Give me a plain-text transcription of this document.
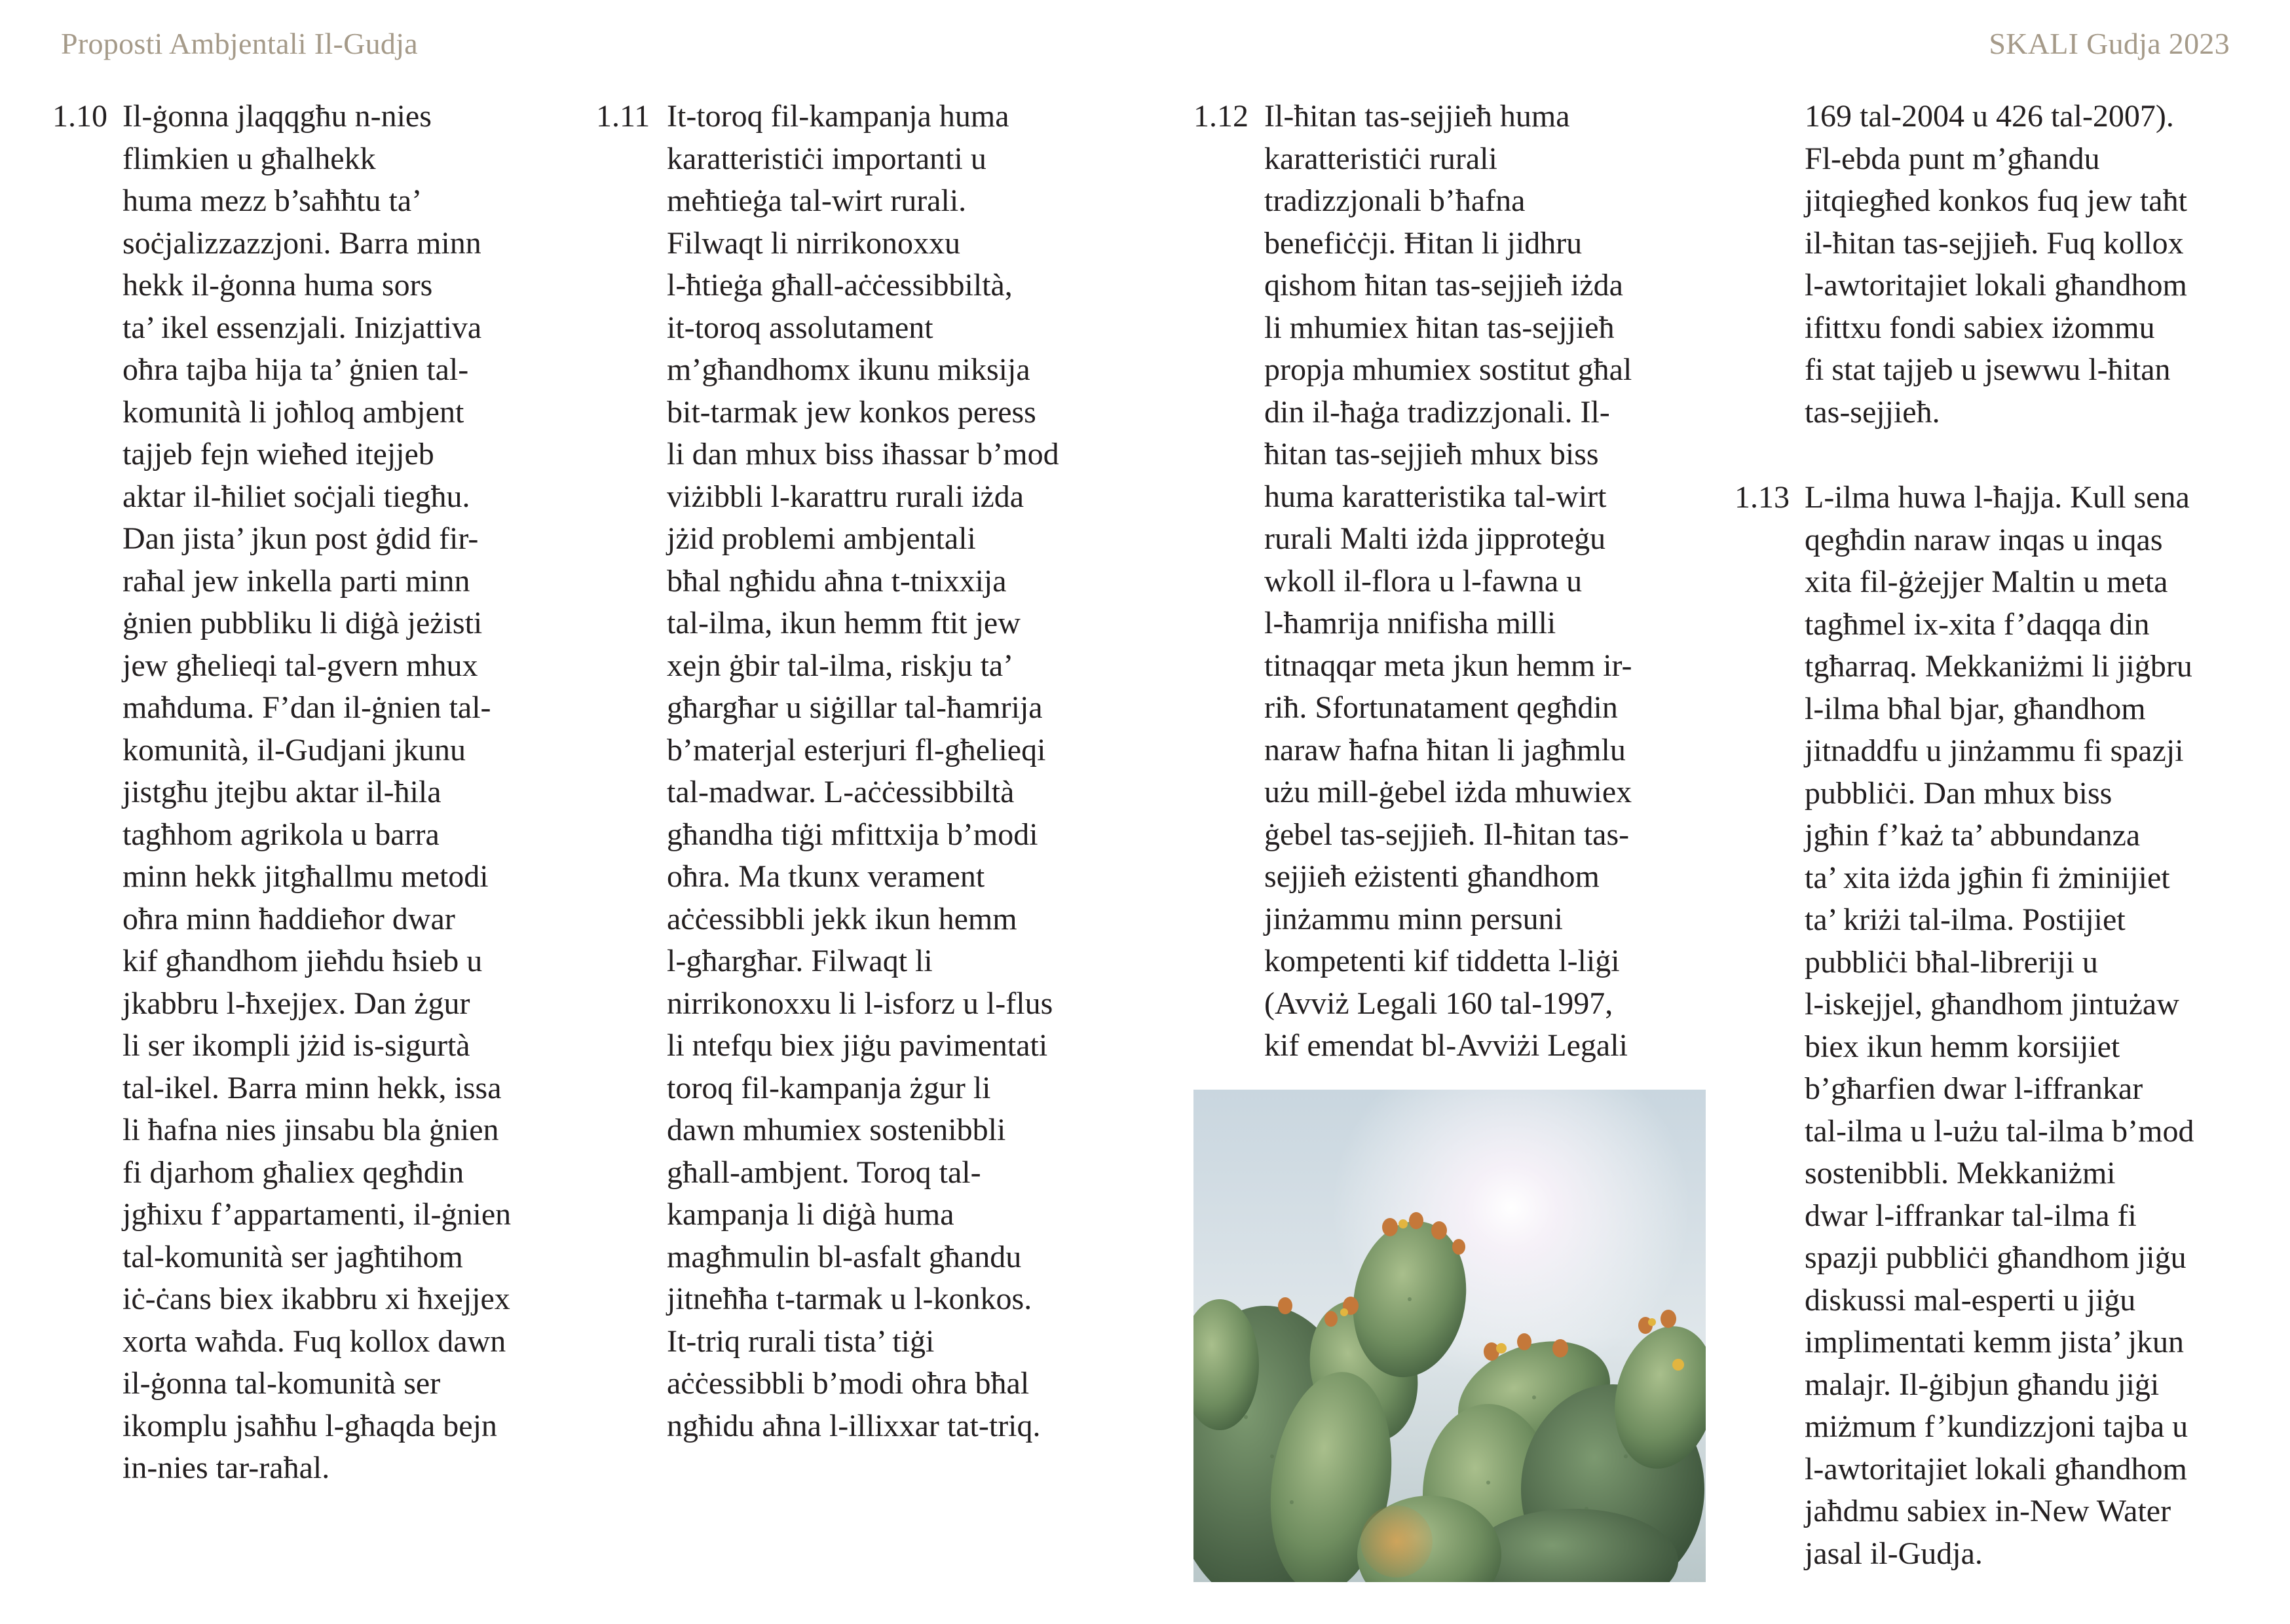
Proposti Ambjentali Il-Gudja	SKALI Gudja 2023
1.10 Il-ġonna jlaqqgħu n-nies
flimkien u għalhekk
huma mezz b’saħħtu ta’
soċjalizzazzjoni. Barra minn
hekk il-ġonna huma sors
ta’ ikel essenzjali. Inizjattiva
oħra tajba hija ta’ ġnien tal-
komunità li joħloq ambjent
tajjeb fejn wieħed itejjeb
aktar il-ħiliet soċjali tiegħu.
Dan jista’ jkun post ġdid fir-
raħal jew inkella parti minn
ġnien pubbliku li diġà jeżisti
jew għelieqi tal-gvern mhux
maħduma. F’dan il-ġnien tal-
komunità, il-Gudjani jkunu
jistgħu jtejbu aktar il-ħila
tagħhom agrikola u barra
minn hekk jitgħallmu metodi
oħra minn ħaddieħor dwar
kif għandhom jieħdu ħsieb u
jkabbru l-ħxejjex. Dan żgur
li ser ikompli jżid is-sigurtà
tal-ikel. Barra minn hekk, issa
li ħafna nies jinsabu bla ġnien
fi djarhom għaliex qegħdin
jgħixu f’appartamenti, il-ġnien
tal-komunità ser jagħtihom
iċ-ċans biex ikabbru xi ħxejjex
xorta waħda. Fuq kollox dawn
il-ġonna tal-komunità ser
ikomplu jsaħħu l-għaqda bejn
in-nies tar-raħal.

1.11 It-toroq fil-kampanja huma
karatteristiċi importanti u
meħtieġa tal-wirt rurali.
Filwaqt li nirrikonoxxu
l-ħtieġa għall-aċċessibbiltà,
it-toroq assolutament
m’għandhomx ikunu miksija
bit-tarmak jew konkos peress
li dan mhux biss iħassar b’mod
viżibbli l-karattru rurali iżda
jżid problemi ambjentali
bħal ngħidu aħna t-tnixxija
tal-ilma, ikun hemm ftit jew
xejn ġbir tal-ilma, riskju ta’
għargħar u siġillar tal-ħamrija
b’materjal esterjuri fl-għelieqi
tal-madwar. L-aċċessibbiltà
għandha tiġi mfittxija b’modi
oħra. Ma tkunx verament
aċċessibbli jekk ikun hemm
l-għargħar. Filwaqt li
nirrikonoxxu li l-isforz u l-flus
li ntefqu biex jiġu pavimentati
toroq fil-kampanja żgur li
dawn mhumiex sostenibbli
għall-ambjent. Toroq tal-
kampanja li diġà huma
magħmulin bl-asfalt għandu
jitneħħa t-tarmak u l-konkos.
It-triq rurali tista’ tiġi
aċċessibbli b’modi oħra bħal
ngħidu aħna l-illixxar tat-triq.

1.12 Il-ħitan tas-sejjieħ huma
karatteristiċi rurali
tradizzjonali b’ħafna
benefiċċji. Ħitan li jidhru
qishom ħitan tas-sejjieħ iżda
li mhumiex ħitan tas-sejjieħ
propja mhumiex sostitut għal
din il-ħaġa tradizzjonali. Il-
ħitan tas-sejjieħ mhux biss
huma karatteristika tal-wirt
rurali Malti iżda jipproteġu
wkoll il-flora u l-fawna u
l-ħamrija nnifisha milli
titnaqqar meta jkun hemm ir-
riħ. Sfortunatament qegħdin
naraw ħafna ħitan li jagħmlu
użu mill-ġebel iżda mhuwiex
ġebel tas-sejjieħ. Il-ħitan tas-
sejjieħ eżistenti għandhom
jinżammu minn persuni
kompetenti kif tiddetta l-liġi
(Avviż Legali 160 tal-1997,
kif emendat bl-Avviżi Legali

169 tal-2004 u 426 tal-2007).
Fl-ebda punt m’għandu
jitqiegħed konkos fuq jew taħt
il-ħitan tas-sejjieħ. Fuq kollox
l-awtoritajiet lokali għandhom
ifittxu fondi sabiex iżommu
fi stat tajjeb u jsewwu l-ħitan
tas-sejjieħ.

1.13 L-ilma huwa l-ħajja. Kull sena
qegħdin naraw inqas u inqas
xita fil-ġżejjer Maltin u meta
tagħmel ix-xita f’daqqa din
tgħarraq. Mekkaniżmi li jiġbru
l-ilma bħal bjar, għandhom
jitnaddfu u jinżammu fi spazji
pubbliċi. Dan mhux biss
jgħin f’każ ta’ abbundanza
ta’ xita iżda jgħin fi żminijiet
ta’ kriżi tal-ilma. Postijiet
pubbliċi bħal-libreriji u
l-iskejjel, għandhom jintużaw
biex ikun hemm korsijiet
b’għarfien dwar l-iffrankar
tal-ilma u l-użu tal-ilma b’mod
sostenibbli. Mekkaniżmi
dwar l-iffrankar tal-ilma fi
spazji pubbliċi għandhom jiġu
diskussi mal-esperti u jiġu
implimentati kemm jista’ jkun
malajr. Il-ġibjun għandu jiġi
miżmum f’kundizzjoni tajba u
l-awtoritajiet lokali għandhom
jaħdmu sabiex in-New Water
jasal il-Gudja.
